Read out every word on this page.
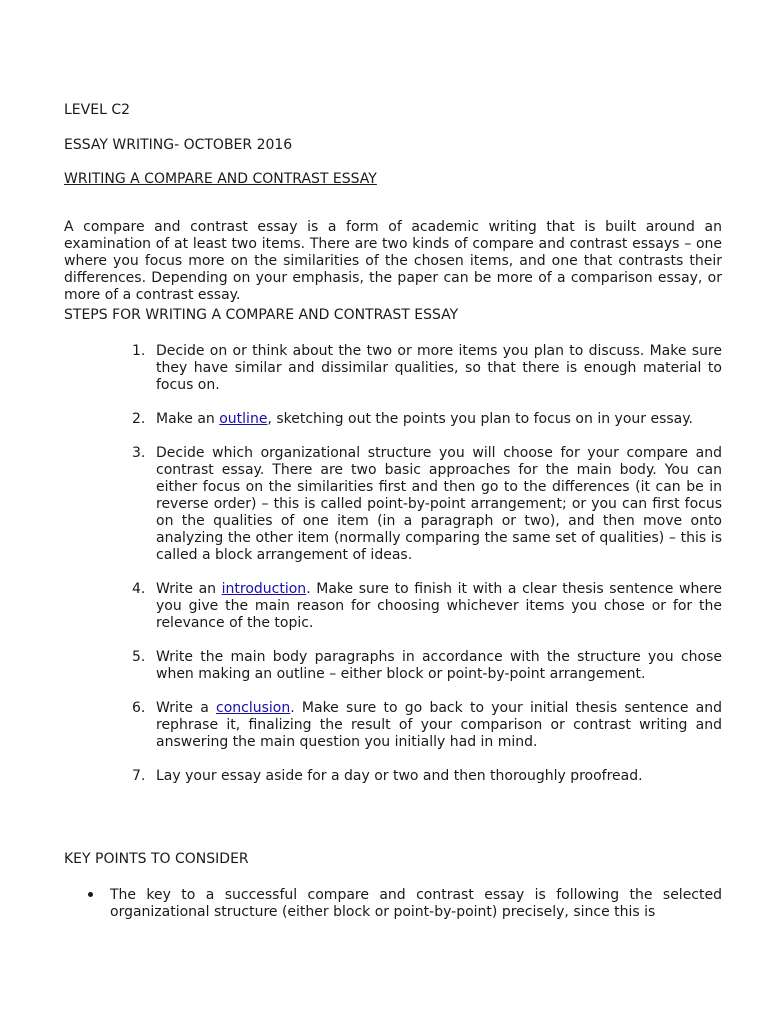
LEVEL C2

ESSAY WRITING- OCTOBER 2016

WRITING A COMPARE AND CONTRAST ESSAY

A compare and contrast essay is a form of academic writing that is built around an examination of at least two items. There are two kinds of compare and contrast essays – one where you focus more on the similarities of the chosen items, and one that contrasts their differences. Depending on your emphasis, the paper can be more of a comparison essay, or more of a contrast essay.

STEPS FOR WRITING A COMPARE AND CONTRAST ESSAY

1. Decide on or think about the two or more items you plan to discuss. Make sure they have similar and dissimilar qualities, so that there is enough material to focus on.
2. Make an outline, sketching out the points you plan to focus on in your essay.
3. Decide which organizational structure you will choose for your compare and contrast essay. There are two basic approaches for the main body. You can either focus on the similarities first and then go to the differences (it can be in reverse order) – this is called point-by-point arrangement; or you can first focus on the qualities of one item (in a paragraph or two), and then move onto analyzing the other item (normally comparing the same set of qualities) – this is called a block arrangement of ideas.
4. Write an introduction. Make sure to finish it with a clear thesis sentence where you give the main reason for choosing whichever items you chose or for the relevance of the topic.
5. Write the main body paragraphs in accordance with the structure you chose when making an outline – either block or point-by-point arrangement.
6. Write a conclusion. Make sure to go back to your initial thesis sentence and rephrase it, finalizing the result of your comparison or contrast writing and answering the main question you initially had in mind.
7. Lay your essay aside for a day or two and then thoroughly proofread.

KEY POINTS TO CONSIDER

The key to a successful compare and contrast essay is following the selected organizational structure (either block or point-by-point) precisely, since this is
